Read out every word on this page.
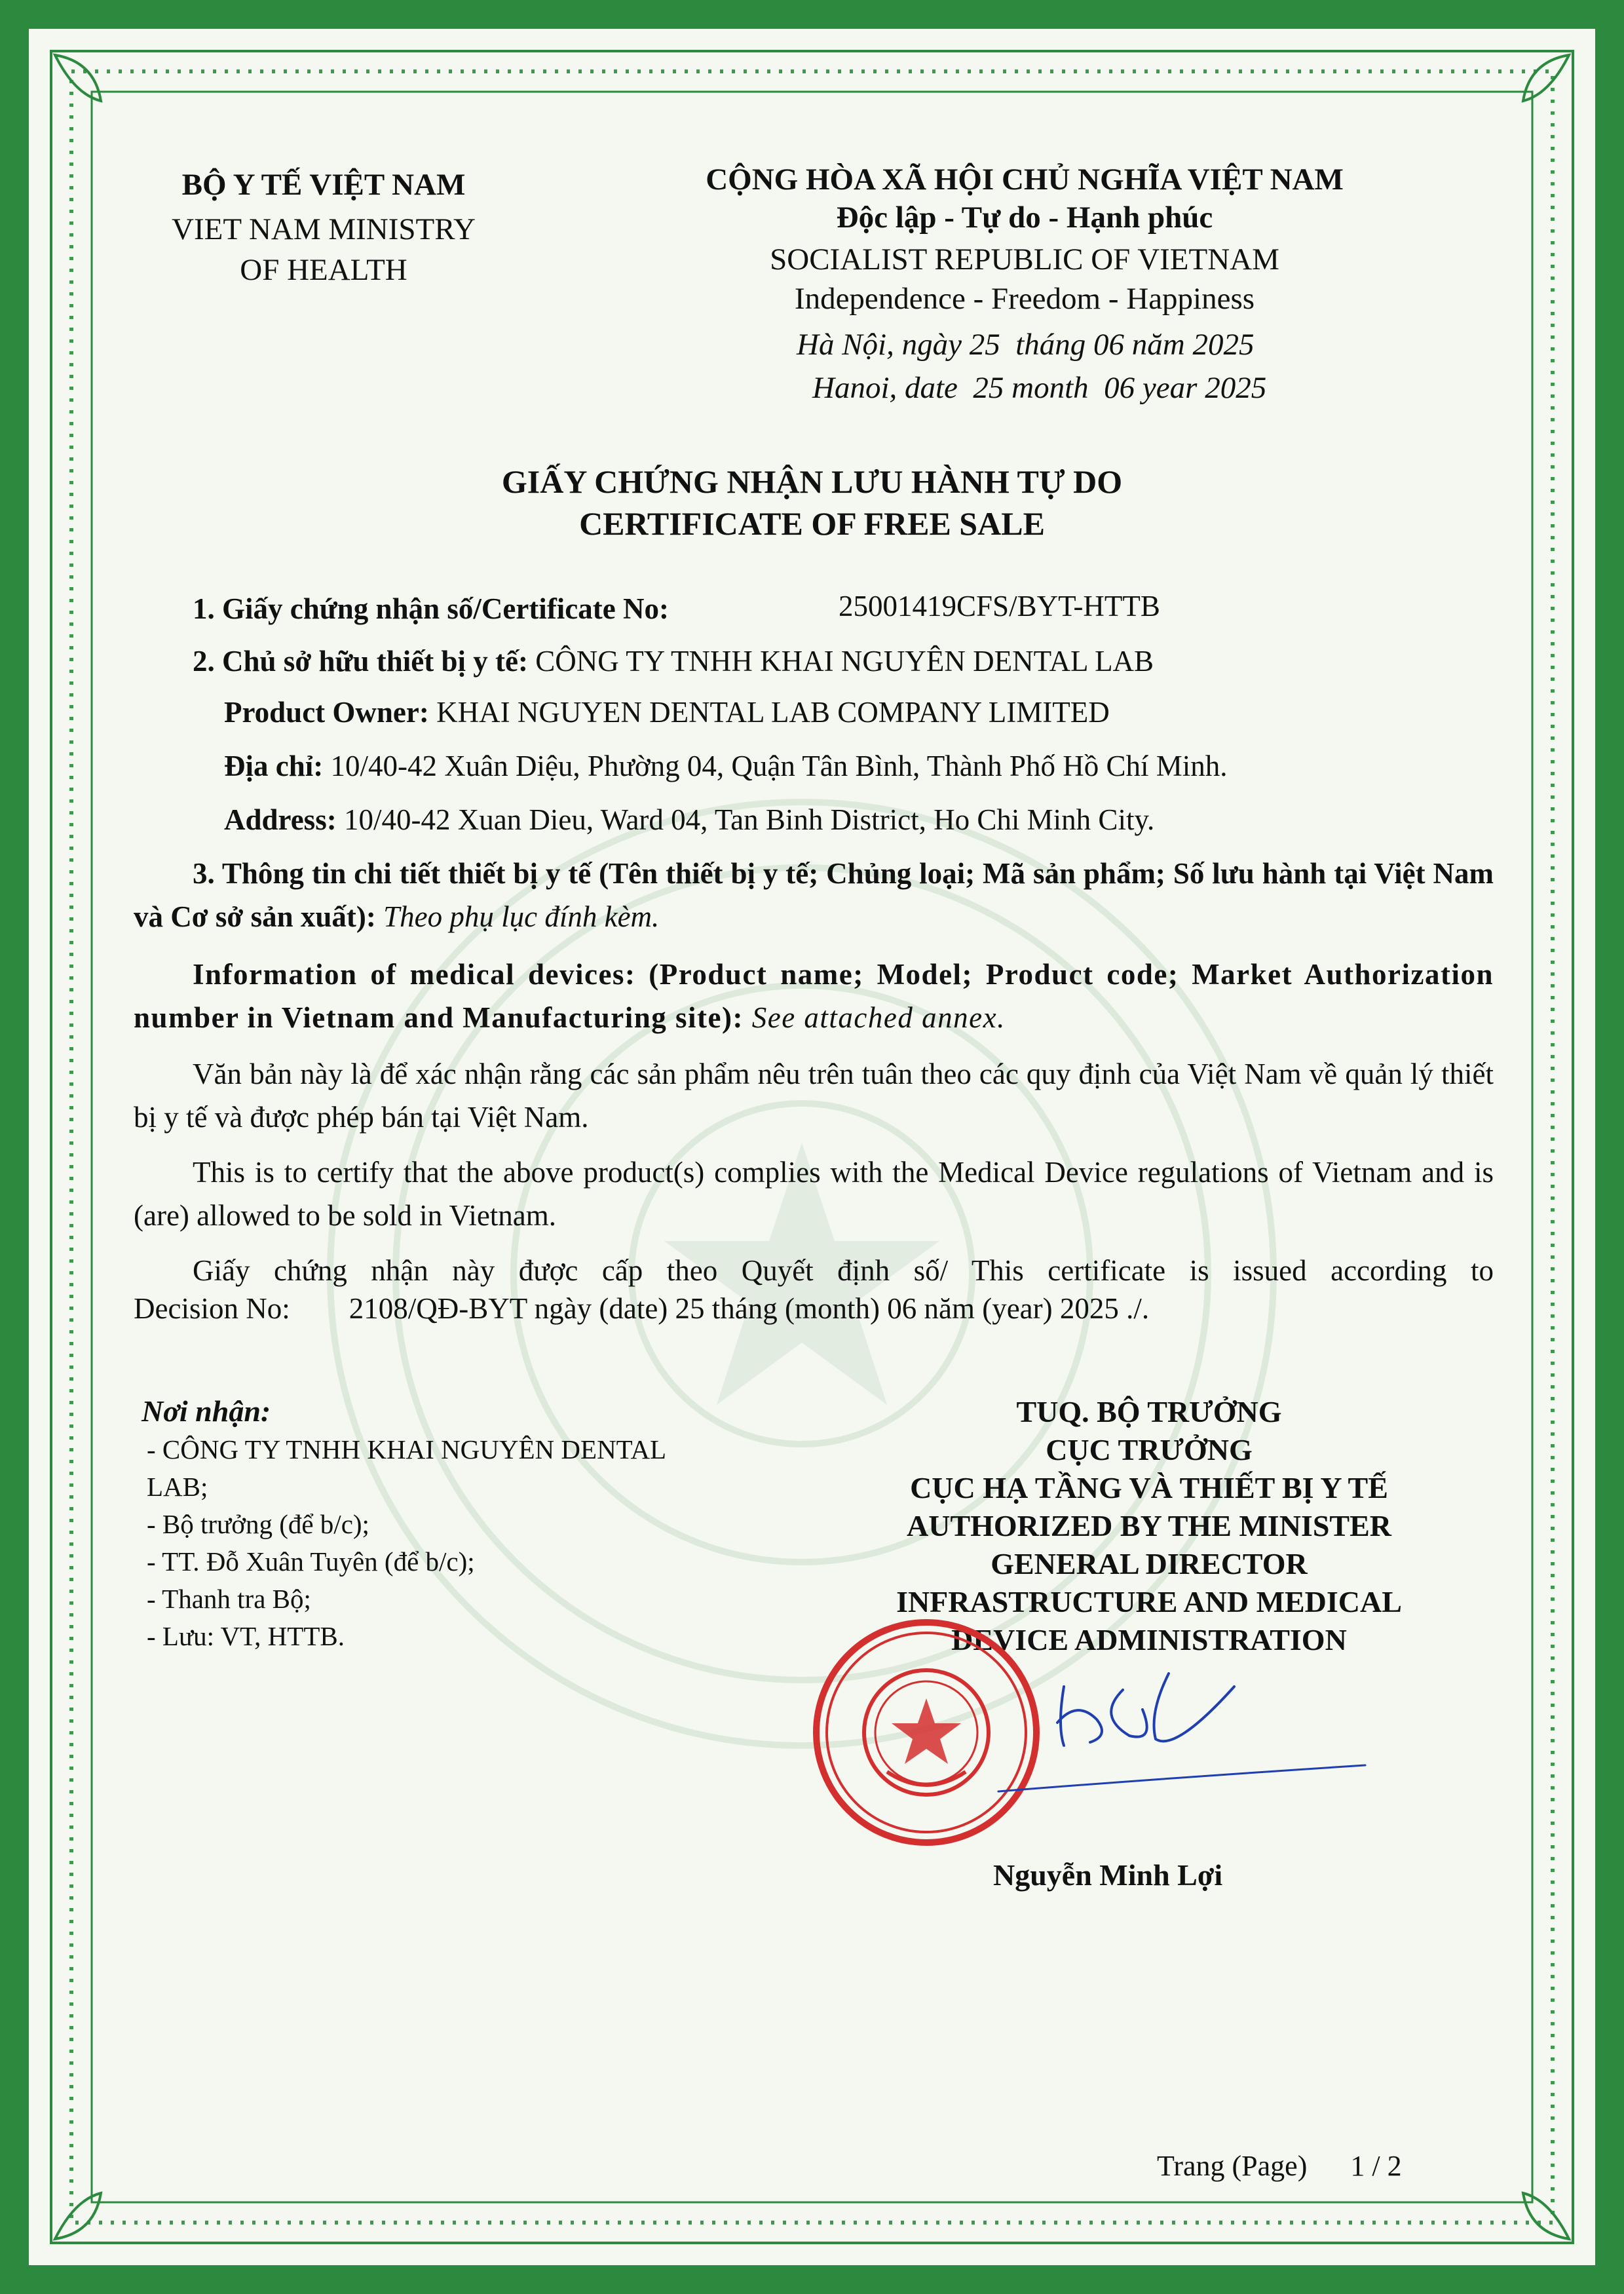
BỘ Y TẾ VIỆT NAM
VIET NAM MINISTRY
OF HEALTH
CỘNG HÒA XÃ HỘI CHỦ NGHĨA VIỆT NAM
Độc lập - Tự do - Hạnh phúc
SOCIALIST REPUBLIC OF VIETNAM
Independence - Freedom - Happiness
Hà Nội, ngày 25 tháng 06 năm 2025
Hanoi, date 25 month 06 year 2025
GIẤY CHỨNG NHẬN LƯU HÀNH TỰ DO
CERTIFICATE OF FREE SALE
1. Giấy chứng nhận số/Certificate No:	25001419CFS/BYT-HTTB
2. Chủ sở hữu thiết bị y tế: CÔNG TY TNHH KHAI NGUYÊN DENTAL LAB
Product Owner: KHAI NGUYEN DENTAL LAB COMPANY LIMITED
Địa chỉ: 10/40-42 Xuân Diệu, Phường 04, Quận Tân Bình, Thành Phố Hồ Chí Minh.
Address: 10/40-42 Xuan Dieu, Ward 04, Tan Binh District, Ho Chi Minh City.
3. Thông tin chi tiết thiết bị y tế (Tên thiết bị y tế; Chủng loại; Mã sản phẩm; Số lưu hành tại Việt Nam và Cơ sở sản xuất): Theo phụ lục đính kèm.
Information of medical devices: (Product name; Model; Product code; Market Authorization number in Vietnam and Manufacturing site): See attached annex.
Văn bản này là để xác nhận rằng các sản phẩm nêu trên tuân theo các quy định của Việt Nam về quản lý thiết bị y tế và được phép bán tại Việt Nam.
This is to certify that the above product(s) complies with the Medical Device regulations of Vietnam and is (are) allowed to be sold in Vietnam.
Giấy chứng nhận này được cấp theo Quyết định số/ This certificate is issued according to
Decision No: 2108/QĐ-BYT ngày (date) 25 tháng (month) 06 năm (year) 2025 ./.
Nơi nhận:
- CÔNG TY TNHH KHAI NGUYÊN DENTAL
LAB;
- Bộ trưởng (để b/c);
- TT. Đỗ Xuân Tuyên (để b/c);
- Thanh tra Bộ;
- Lưu: VT, HTTB.
TUQ. BỘ TRƯỞNG
CỤC TRƯỞNG
CỤC HẠ TẦNG VÀ THIẾT BỊ Y TẾ
AUTHORIZED BY THE MINISTER
GENERAL DIRECTOR
INFRASTRUCTURE AND MEDICAL
DEVICE ADMINISTRATION
Nguyễn Minh Lợi
Trang (Page) 1 / 2
